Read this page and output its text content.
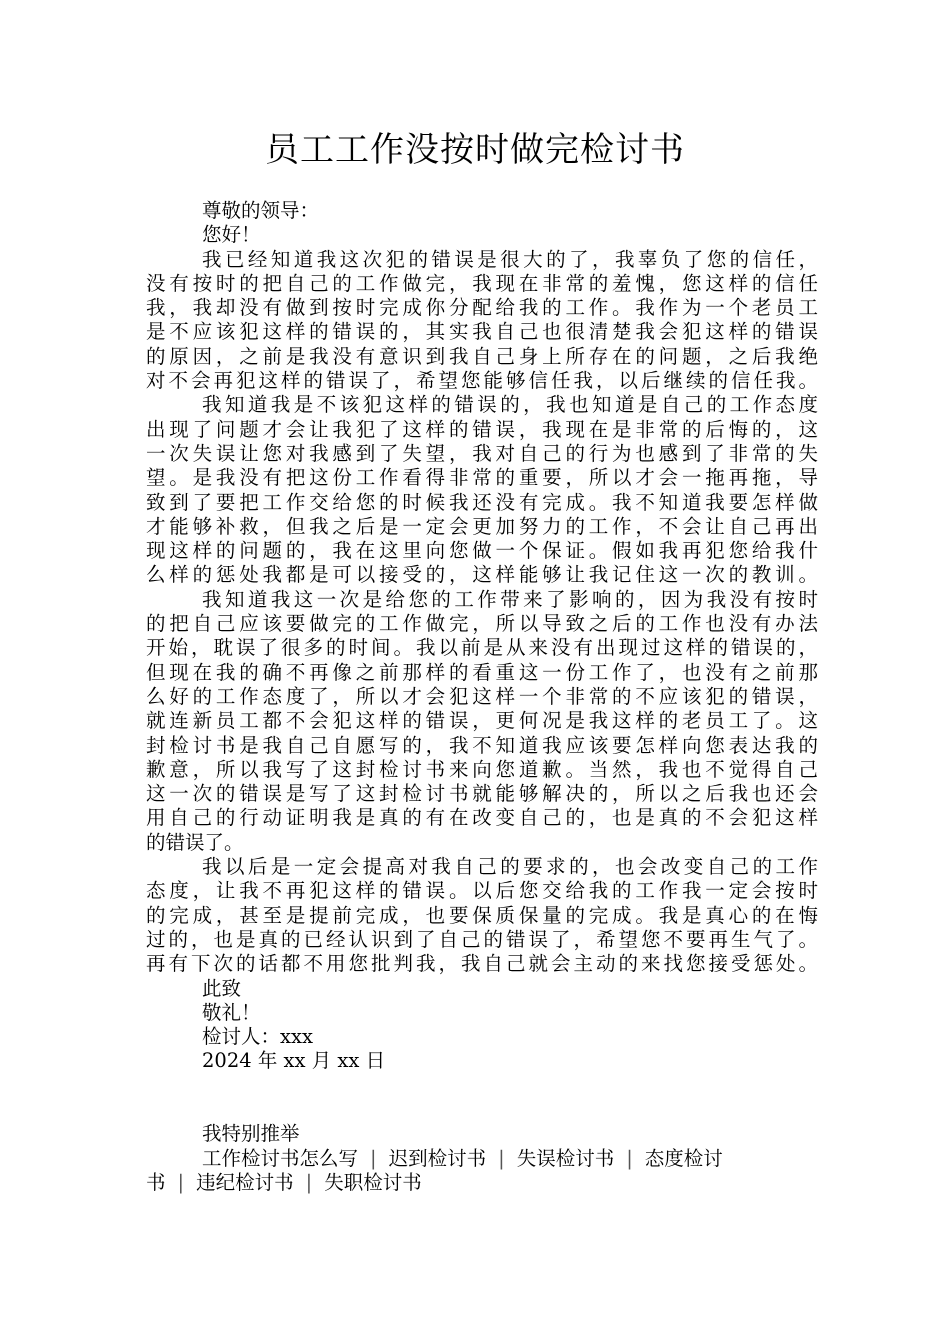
员工工作没按时做完检讨书
尊敬的领导：
您好！
我已经知道我这次犯的错误是很大的了，我辜负了您的信任，
没有按时的把自己的工作做完，我现在非常的羞愧，您这样的信任
我，我却没有做到按时完成你分配给我的工作。我作为一个老员工
是不应该犯这样的错误的，其实我自己也很清楚我会犯这样的错误
的原因，之前是我没有意识到我自己身上所存在的问题，之后我绝
对不会再犯这样的错误了，希望您能够信任我，以后继续的信任我。
我知道我是不该犯这样的错误的，我也知道是自己的工作态度
出现了问题才会让我犯了这样的错误，我现在是非常的后悔的，这
一次失误让您对我感到了失望，我对自己的行为也感到了非常的失
望。是我没有把这份工作看得非常的重要，所以才会一拖再拖，导
致到了要把工作交给您的时候我还没有完成。我不知道我要怎样做
才能够补救，但我之后是一定会更加努力的工作，不会让自己再出
现这样的问题的，我在这里向您做一个保证。假如我再犯您给我什
么样的惩处我都是可以接受的，这样能够让我记住这一次的教训。
我知道我这一次是给您的工作带来了影响的，因为我没有按时
的把自己应该要做完的工作做完，所以导致之后的工作也没有办法
开始，耽误了很多的时间。我以前是从来没有出现过这样的错误的，
但现在我的确不再像之前那样的看重这一份工作了，也没有之前那
么好的工作态度了，所以才会犯这样一个非常的不应该犯的错误，
就连新员工都不会犯这样的错误，更何况是我这样的老员工了。这
封检讨书是我自己自愿写的，我不知道我应该要怎样向您表达我的
歉意，所以我写了这封检讨书来向您道歉。当然，我也不觉得自己
这一次的错误是写了这封检讨书就能够解决的，所以之后我也还会
用自己的行动证明我是真的有在改变自己的，也是真的不会犯这样
的错误了。
我以后是一定会提高对我自己的要求的，也会改变自己的工作
态度，让我不再犯这样的错误。以后您交给我的工作我一定会按时
的完成，甚至是提前完成，也要保质保量的完成。我是真心的在悔
过的，也是真的已经认识到了自己的错误了，希望您不要再生气了。
再有下次的话都不用您批判我，我自己就会主动的来找您接受惩处。
此致
敬礼！
检讨人：xxx
2024 年 xx 月 xx 日
我特别推举
工作检讨书怎么写 | 迟到检讨书 | 失误检讨书 | 态度检讨
书 | 违纪检讨书 | 失职检讨书
